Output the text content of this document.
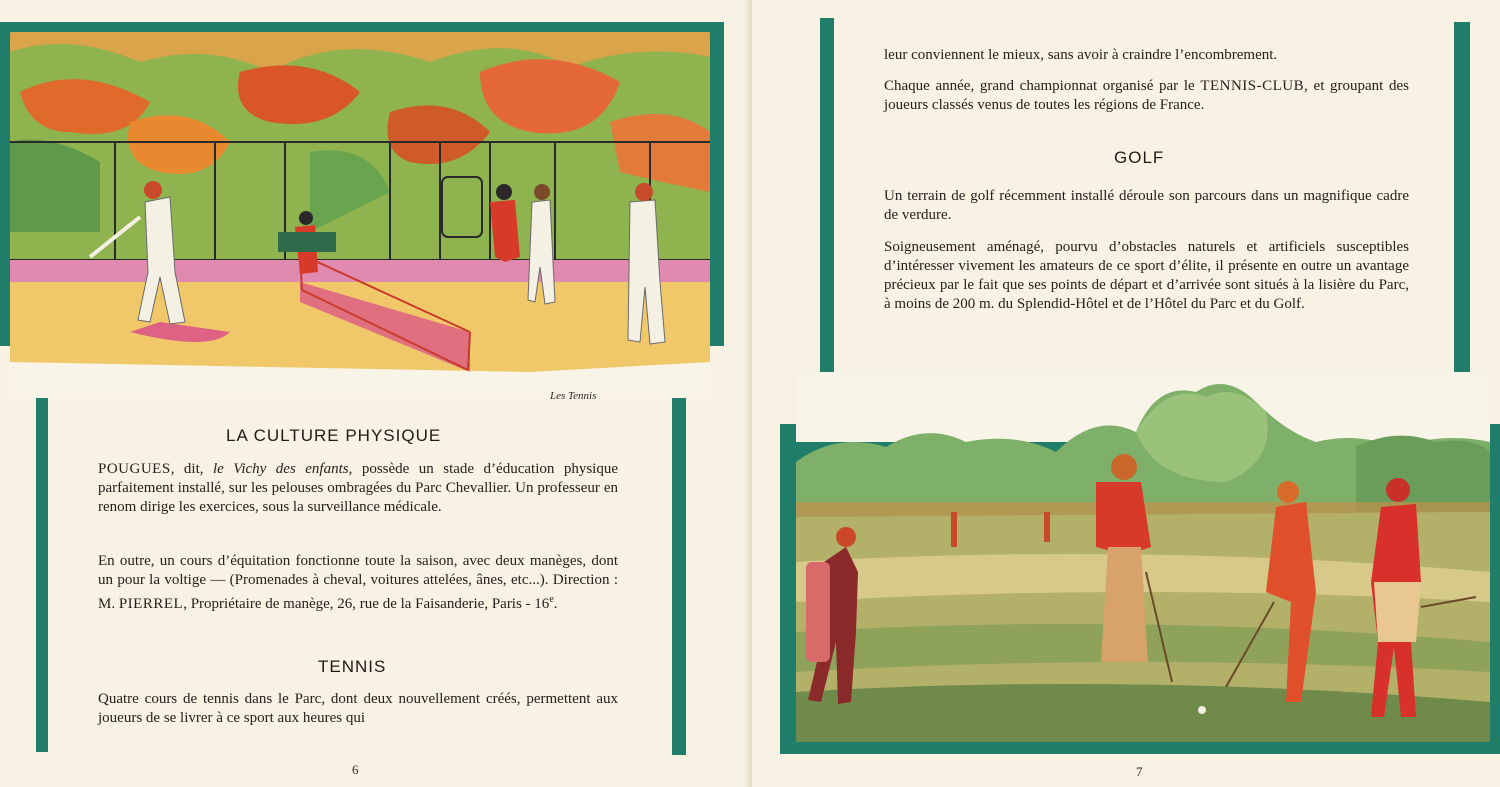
Les Tennis
LA CULTURE PHYSIQUE

POUGUES, dit, le Vichy des enfants, possède un stade d’éducation physique parfaitement installé, sur les pelouses ombragées du Parc Chevallier. Un professeur en renom dirige les exercices, sous la surveillance médicale.

En outre, un cours d’équitation fonctionne toute la saison, avec deux manèges, dont un pour la voltige — (Promenades à cheval, voitures attelées, ânes, etc...). Direction : M. PIERREL, Propriétaire de manège, 26, rue de la Faisanderie, Paris - 16e.

TENNIS

Quatre cours de tennis dans le Parc, dont deux nouvellement créés, permettent aux joueurs de se livrer à ce sport aux heures qui

6

leur conviennent le mieux, sans avoir à craindre l’encombrement.

Chaque année, grand championnat organisé par le TENNIS-CLUB, et groupant des joueurs classés venus de toutes les régions de France.

GOLF

Un terrain de golf récemment installé déroule son parcours dans un magnifique cadre de verdure.

Soigneusement aménagé, pourvu d’obstacles naturels et artificiels susceptibles d’intéresser vivement les amateurs de ce sport d’élite, il présente en outre un avantage précieux par le fait que ses points de départ et d’arrivée sont situés à la lisière du Parc, à moins de 200 m. du Splendid-Hôtel et de l’Hôtel du Parc et du Golf.

7
